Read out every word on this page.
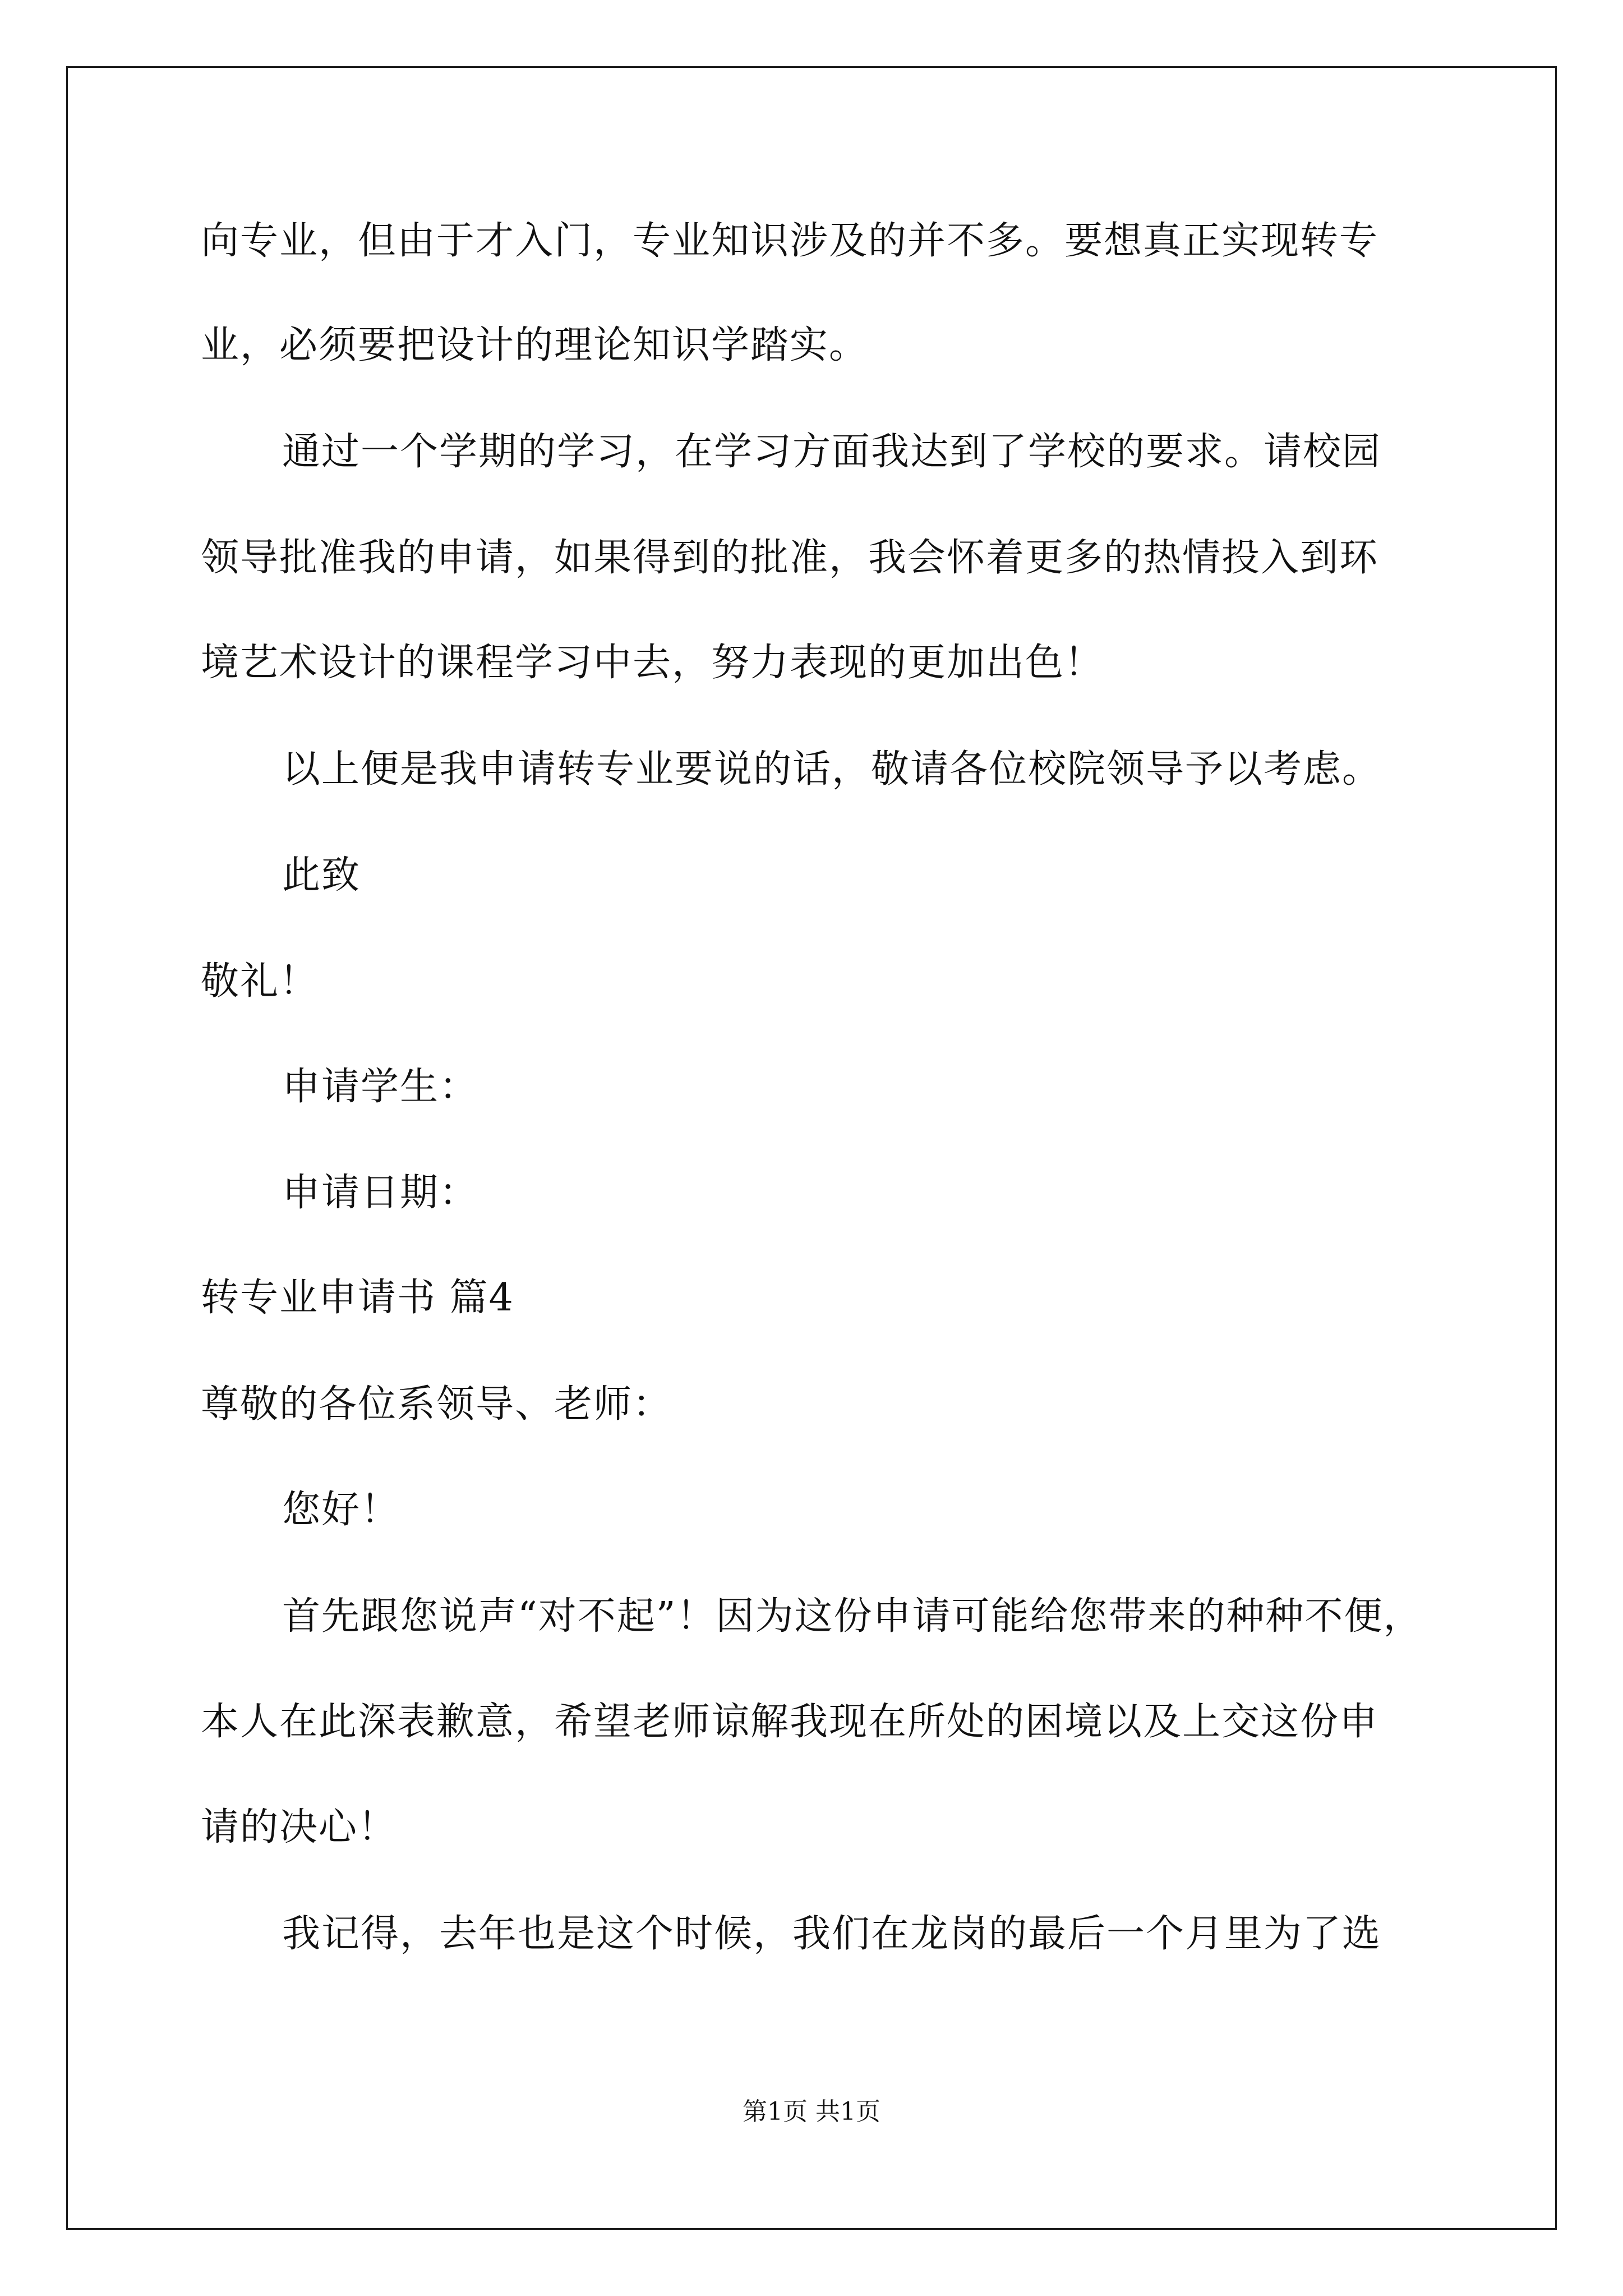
向专业，但由于才入门，专业知识涉及的并不多。要想真正实现转专
业，必须要把设计的理论知识学踏实。
通过一个学期的学习，在学习方面我达到了学校的要求。请校园
领导批准我的申请，如果得到的批准，我会怀着更多的热情投入到环
境艺术设计的课程学习中去，努力表现的更加出色！
以上便是我申请转专业要说的话，敬请各位校院领导予以考虑。
此致
敬礼！
申请学生：
申请日期：
转专业申请书 篇4
尊敬的各位系领导、老师：
您好！
首先跟您说声“对不起”！因为这份申请可能给您带来的种种不便，
本人在此深表歉意，希望老师谅解我现在所处的困境以及上交这份申
请的决心！
我记得，去年也是这个时候，我们在龙岗的最后一个月里为了选
第1页 共1页
